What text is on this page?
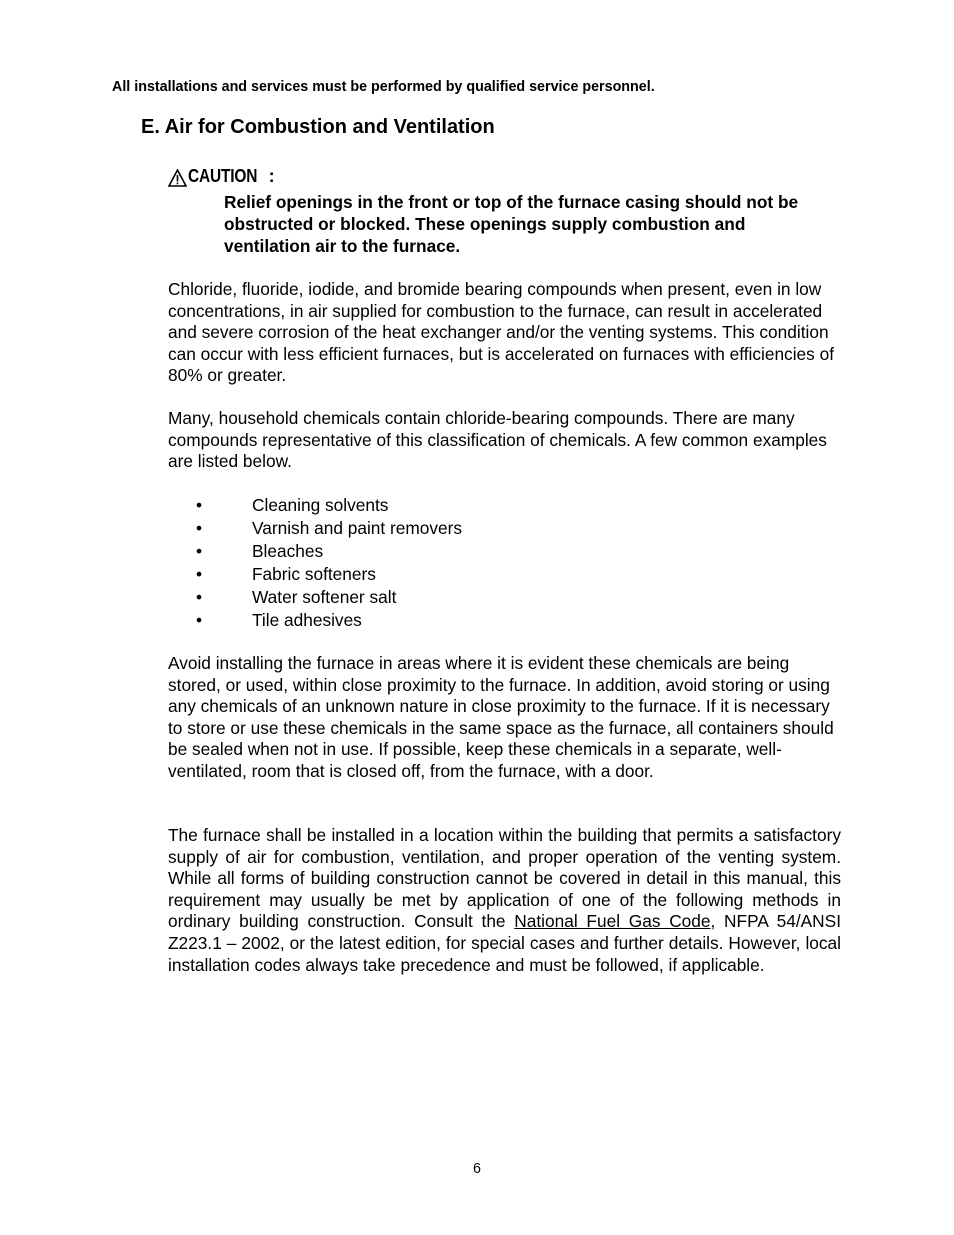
All installations and services must be performed by qualified service personnel.
E. Air for Combustion and Ventilation
CAUTION :
Relief openings in the front or top of the furnace casing should not be obstructed or blocked. These openings supply combustion and ventilation air to the furnace.
Chloride, fluoride, iodide, and bromide bearing compounds when present, even in low concentrations, in air supplied for combustion to the furnace, can result in accelerated and severe corrosion of the heat exchanger and/or the venting systems. This condition can occur with less efficient furnaces, but is accelerated on furnaces with efficiencies of 80% or greater.
Many, household chemicals contain chloride-bearing compounds. There are many compounds representative of this classification of chemicals. A few common examples are listed below.
•	Cleaning solvents
•	Varnish and paint removers
•	Bleaches
•	Fabric softeners
•	Water softener salt
•	Tile adhesives
Avoid installing the furnace in areas where it is evident these chemicals are being stored, or used, within close proximity to the furnace. In addition, avoid storing or using any chemicals of an unknown nature in close proximity to the furnace. If it is necessary to store or use these chemicals in the same space as the furnace, all containers should be sealed when not in use. If possible, keep these chemicals in a separate, well-ventilated, room that is closed off, from the furnace, with a door.
The furnace shall be installed in a location within the building that permits a satisfactory supply of air for combustion, ventilation, and proper operation of the venting system. While all forms of building construction cannot be covered in detail in this manual, this requirement may usually be met by application of one of the following methods in ordinary building construction. Consult the National Fuel Gas Code, NFPA 54/ANSI Z223.1 – 2002, or the latest edition, for special cases and further details. However, local installation codes always take precedence and must be followed, if applicable.
6
